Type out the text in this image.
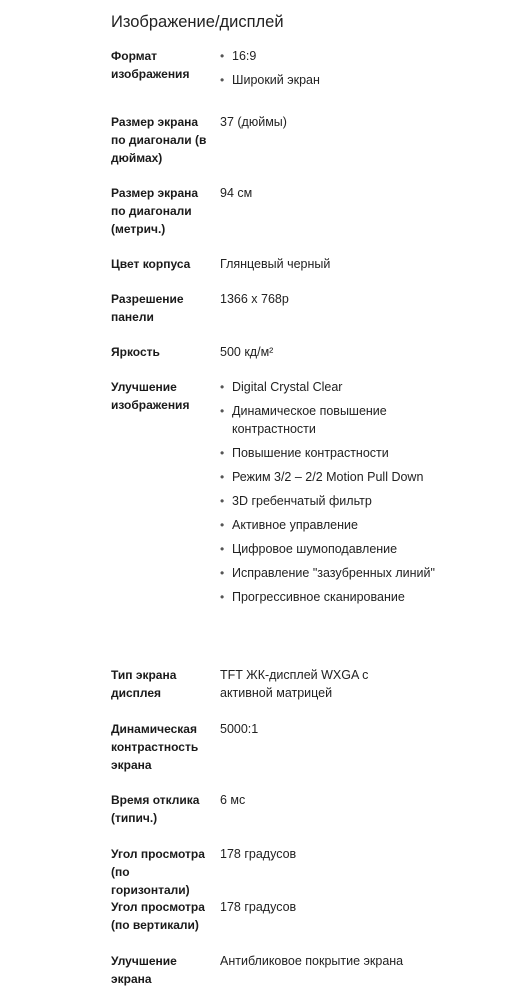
Изображение/дисплей
Формат изображения
• 16:9
• Широкий экран
Размер экрана по диагонали (в дюймах)
37 (дюймы)
Размер экрана по диагонали (метрич.)
94 см
Цвет корпуса	Глянцевый черный
Разрешение панели
1366 x 768p
Яркость	500 кд/м²
Улучшение изображения
• Digital Crystal Clear
• Динамическое повышение контрастности
• Повышение контрастности
• Режим 3/2 – 2/2 Motion Pull Down
• 3D гребенчатый фильтр
• Активное управление
• Цифровое шумоподавление
• Исправление "зазубренных линий"
• Прогрессивное сканирование
Тип экрана дисплея
TFT ЖК-дисплей WXGA с активной матрицей
Динамическая контрастность экрана
5000:1
Время отклика (типич.)
6 мс
Угол просмотра (по горизонтали)
178 градусов
Угол просмотра (по вертикали)
178 градусов
Улучшение экрана
Антибликовое покрытие экрана
